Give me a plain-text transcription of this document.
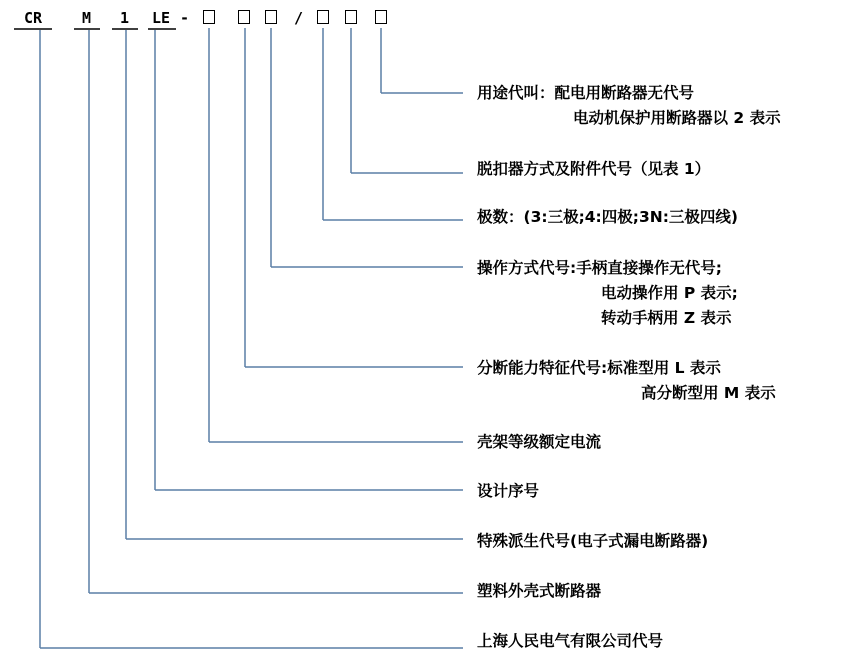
CR	M 1 LE -	/
用途代叫：配电用断路器无代号
电动机保护用断路器以 2 表示
脱扣器方式及附件代号（见表 1）
极数：(3:三极;4:四极;3N:三极四线)
操作方式代号:手柄直接操作无代号;
电动操作用 P 表示;
转动手柄用 Z 表示
分断能力特征代号:标准型用 L 表示
高分断型用 M 表示
壳架等级额定电流
设计序号
特殊派生代号(电子式漏电断路器)
塑料外壳式断路器
上海人民电气有限公司代号
